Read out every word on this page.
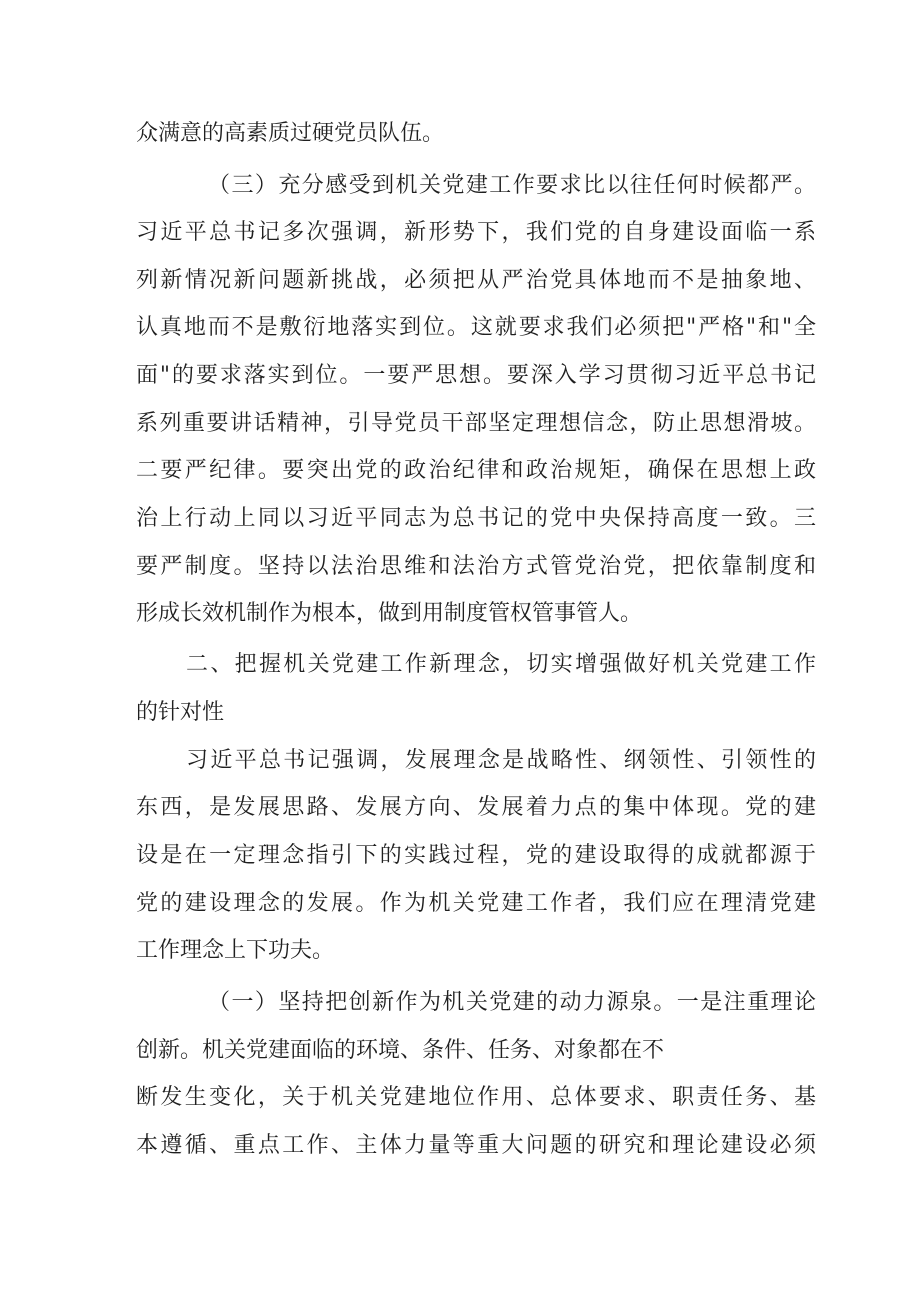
众满意的高素质过硬党员队伍。
（三）充分感受到机关党建工作要求比以往任何时候都严。
习近平总书记多次强调，新形势下，我们党的自身建设面临一系
列新情况新问题新挑战，必须把从严治党具体地而不是抽象地、
认真地而不是敷衍地落实到位。这就要求我们必须把"严格"和"全
面"的要求落实到位。一要严思想。要深入学习贯彻习近平总书记
系列重要讲话精神，引导党员干部坚定理想信念，防止思想滑坡。
二要严纪律。要突出党的政治纪律和政治规矩，确保在思想上政
治上行动上同以习近平同志为总书记的党中央保持高度一致。三
要严制度。坚持以法治思维和法治方式管党治党，把依靠制度和
形成长效机制作为根本，做到用制度管权管事管人。
二、把握机关党建工作新理念，切实增强做好机关党建工作
的针对性
习近平总书记强调，发展理念是战略性、纲领性、引领性的
东西，是发展思路、发展方向、发展着力点的集中体现。党的建
设是在一定理念指引下的实践过程，党的建设取得的成就都源于
党的建设理念的发展。作为机关党建工作者，我们应在理清党建
工作理念上下功夫。
（一）坚持把创新作为机关党建的动力源泉。一是注重理论
创新。机关党建面临的环境、条件、任务、对象都在不
断发生变化，关于机关党建地位作用、总体要求、职责任务、基
本遵循、重点工作、主体力量等重大问题的研究和理论建设必须
